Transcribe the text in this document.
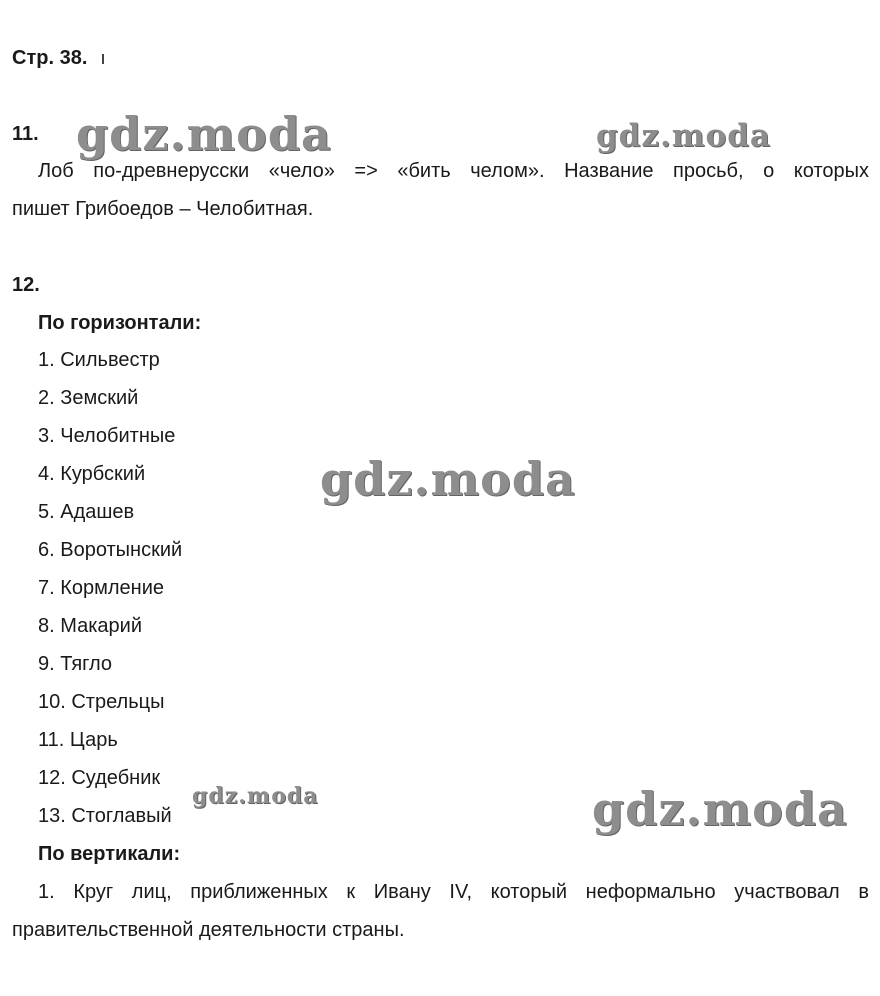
Стр. 38.
11.
Лоб по-древнерусски «чело» => «бить челом». Название просьб, о которых
пишет Грибоедов – Челобитная.
12.
По горизонтали:
1. Сильвестр
2. Земский
3. Челобитные
4. Курбский
5. Адашев
6. Воротынский
7. Кормление
8. Макарий
9. Тягло
10. Стрельцы
11. Царь
12. Судебник
13. Стоглавый
По вертикали:
1. Круг лиц, приближенных к Ивану IV, который неформально участвовал в
правительственной деятельности страны.
gdz.moda	gdz.moda
gdz.moda
gdz.moda	gdz.moda
